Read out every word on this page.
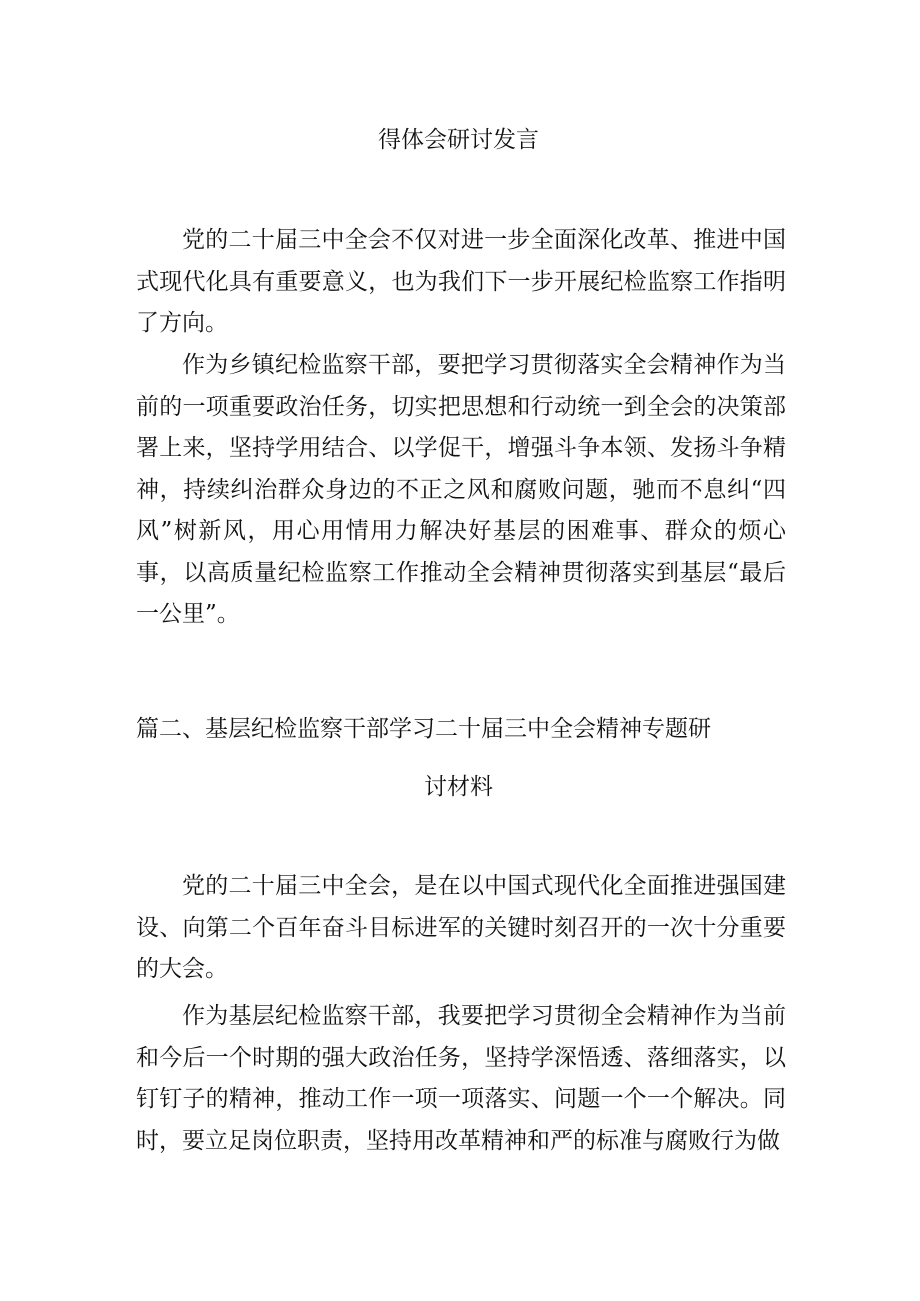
得体会研讨发言

党的二十届三中全会不仅对进一步全面深化改革、推进中国式现代化具有重要意义，也为我们下一步开展纪检监察工作指明了方向。

作为乡镇纪检监察干部，要把学习贯彻落实全会精神作为当前的一项重要政治任务，切实把思想和行动统一到全会的决策部署上来，坚持学用结合、以学促干，增强斗争本领、发扬斗争精神，持续纠治群众身边的不正之风和腐败问题，驰而不息纠“四风”树新风，用心用情用力解决好基层的困难事、群众的烦心事，以高质量纪检监察工作推动全会精神贯彻落实到基层“最后一公里”。

篇二、基层纪检监察干部学习二十届三中全会精神专题研
讨材料

党的二十届三中全会，是在以中国式现代化全面推进强国建设、向第二个百年奋斗目标进军的关键时刻召开的一次十分重要的大会。

作为基层纪检监察干部，我要把学习贯彻全会精神作为当前和今后一个时期的强大政治任务，坚持学深悟透、落细落实，以钉钉子的精神，推动工作一项一项落实、问题一个一个解决。同时，要立足岗位职责，坚持用改革精神和严的标准与腐败行为做
